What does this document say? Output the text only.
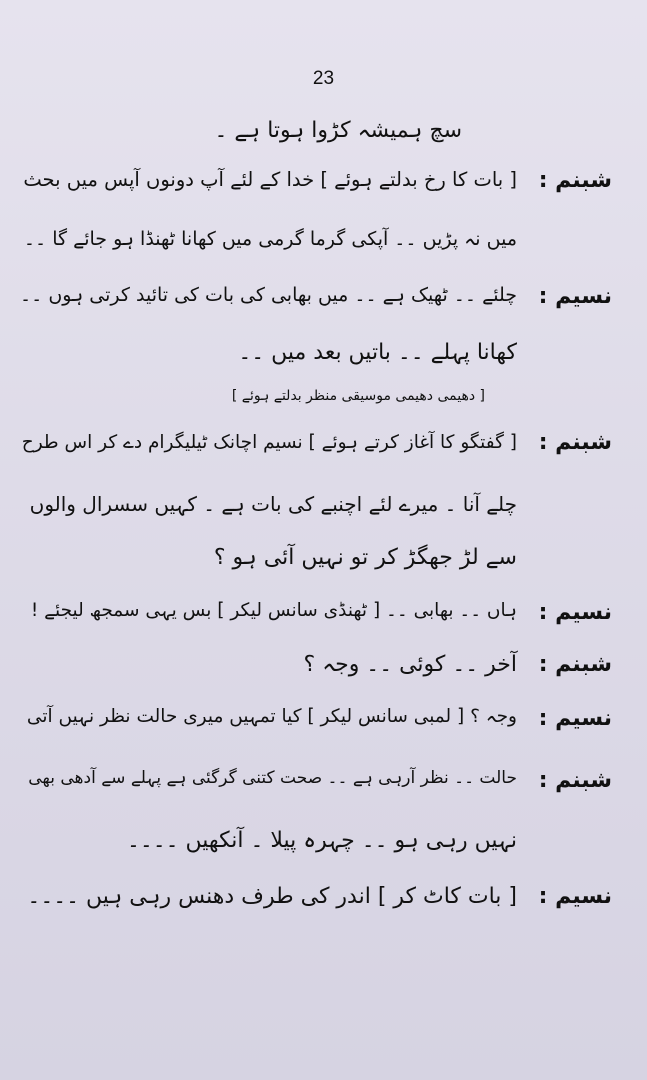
23
سچ ہمیشہ کڑوا ہوتا ہے ۔
شبنم :
[ بات کا رخ بدلتے ہوئے ] خدا کے لئے آپ دونوں آپس میں بحث
میں نہ پڑیں ۔۔ آپکی گرما گرمی میں کھانا ٹھنڈا ہو جائے گا ۔۔
نسیم :
چلئے ۔۔ ٹھیک ہے ۔۔ میں بھابی کی بات کی تائید کرتی ہوں ۔۔
کھانا پہلے ۔۔ باتیں بعد میں ۔۔
[ دھیمی دھیمی موسیقی منظر بدلتے ہوئے ]
شبنم :
[ گفتگو کا آغاز کرتے ہوئے ] نسیم اچانک ٹیلیگرام دے کر اس طرح
چلے آنا ۔ میرے لئے اچنبے کی بات ہے ۔ کہیں سسرال والوں
سے لڑ جھگڑ کر تو نہیں آئی ہو ؟
نسیم :
ہاں ۔۔ بھابی ۔۔ [ ٹھنڈی سانس لیکر ] بس یہی سمجھ لیجئے !
شبنم :
آخر ۔۔ کوئی ۔۔ وجہ ؟
نسیم :
وجہ ؟ [ لمبی سانس لیکر ] کیا تمہیں میری حالت نظر نہیں آتی
شبنم :
حالت ۔۔ نظر آرہی ہے ۔۔ صحت کتنی گرگئی ہے پہلے سے آدھی بھی
نہیں رہی ہو ۔۔ چہرہ پیلا ۔ آنکھیں ۔۔۔۔
نسیم :
[ بات کاٹ کر ] اندر کی طرف دھنس رہی ہیں ۔۔۔۔
